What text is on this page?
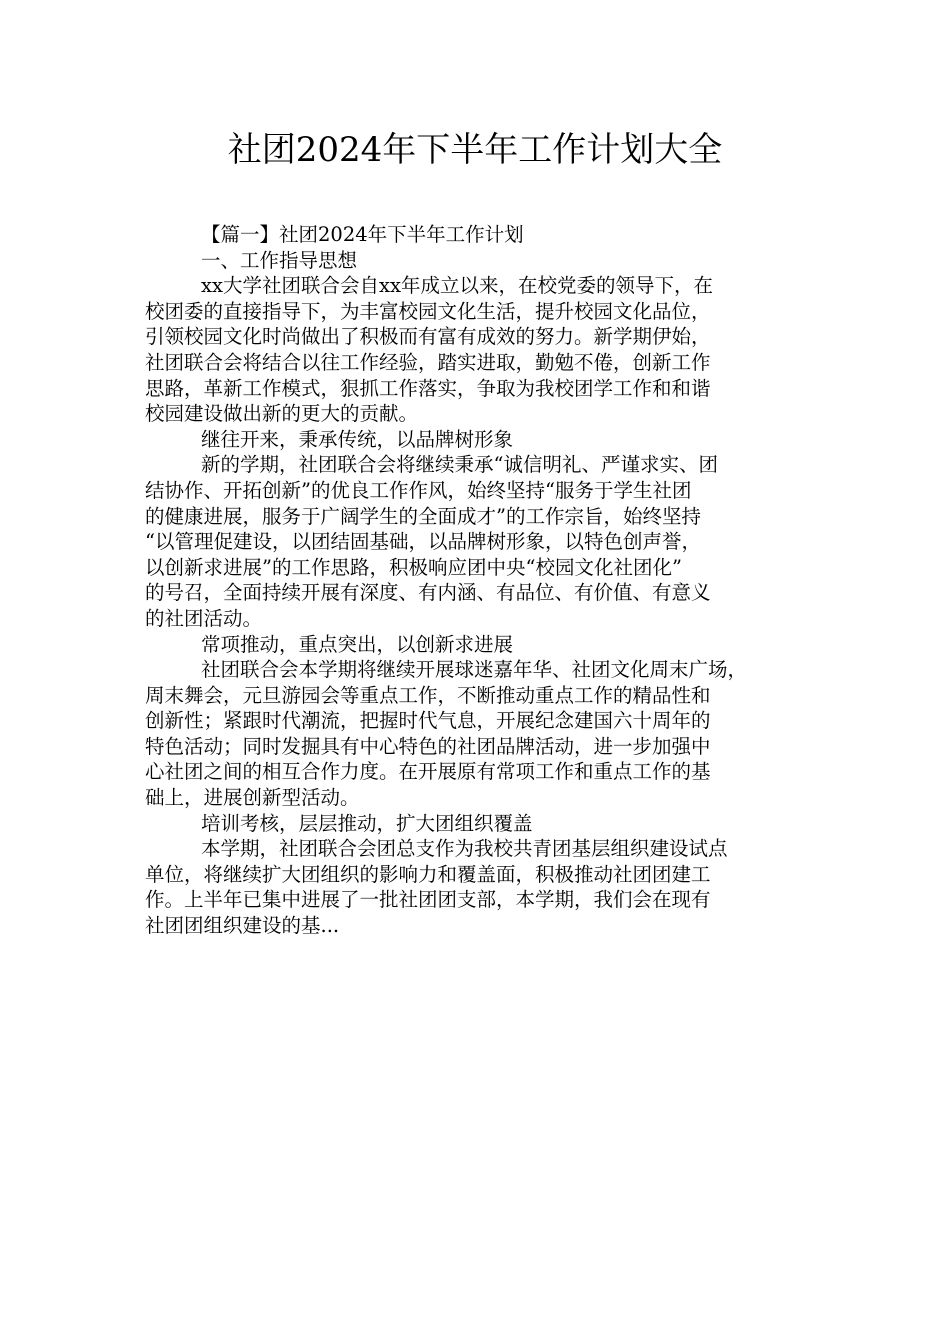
社团2024年下半年工作计划大全
【篇一】社团2024年下半年工作计划
一、工作指导思想
xx大学社团联合会自xx年成立以来，在校党委的领导下，在
校团委的直接指导下，为丰富校园文化生活，提升校园文化品位，
引领校园文化时尚做出了积极而有富有成效的努力。新学期伊始，
社团联合会将结合以往工作经验，踏实进取，勤勉不倦，创新工作
思路，革新工作模式，狠抓工作落实，争取为我校团学工作和和谐
校园建设做出新的更大的贡献。
继往开来，秉承传统，以品牌树形象
新的学期，社团联合会将继续秉承“诚信明礼、严谨求实、团
结协作、开拓创新”的优良工作作风，始终坚持“服务于学生社团
的健康进展，服务于广阔学生的全面成才”的工作宗旨，始终坚持
“以管理促建设，以团结固基础，以品牌树形象，以特色创声誉，
以创新求进展”的工作思路，积极响应团中央“校园文化社团化”
的号召，全面持续开展有深度、有内涵、有品位、有价值、有意义
的社团活动。
常项推动，重点突出，以创新求进展
社团联合会本学期将继续开展球迷嘉年华、社团文化周末广场，
周末舞会，元旦游园会等重点工作，不断推动重点工作的精品性和
创新性；紧跟时代潮流，把握时代气息，开展纪念建国六十周年的
特色活动；同时发掘具有中心特色的社团品牌活动，进一步加强中
心社团之间的相互合作力度。在开展原有常项工作和重点工作的基
础上，进展创新型活动。
培训考核，层层推动，扩大团组织覆盖
本学期，社团联合会团总支作为我校共青团基层组织建设试点
单位，将继续扩大团组织的影响力和覆盖面，积极推动社团团建工
作。上半年已集中进展了一批社团团支部，本学期，我们会在现有
社团团组织建设的基...
